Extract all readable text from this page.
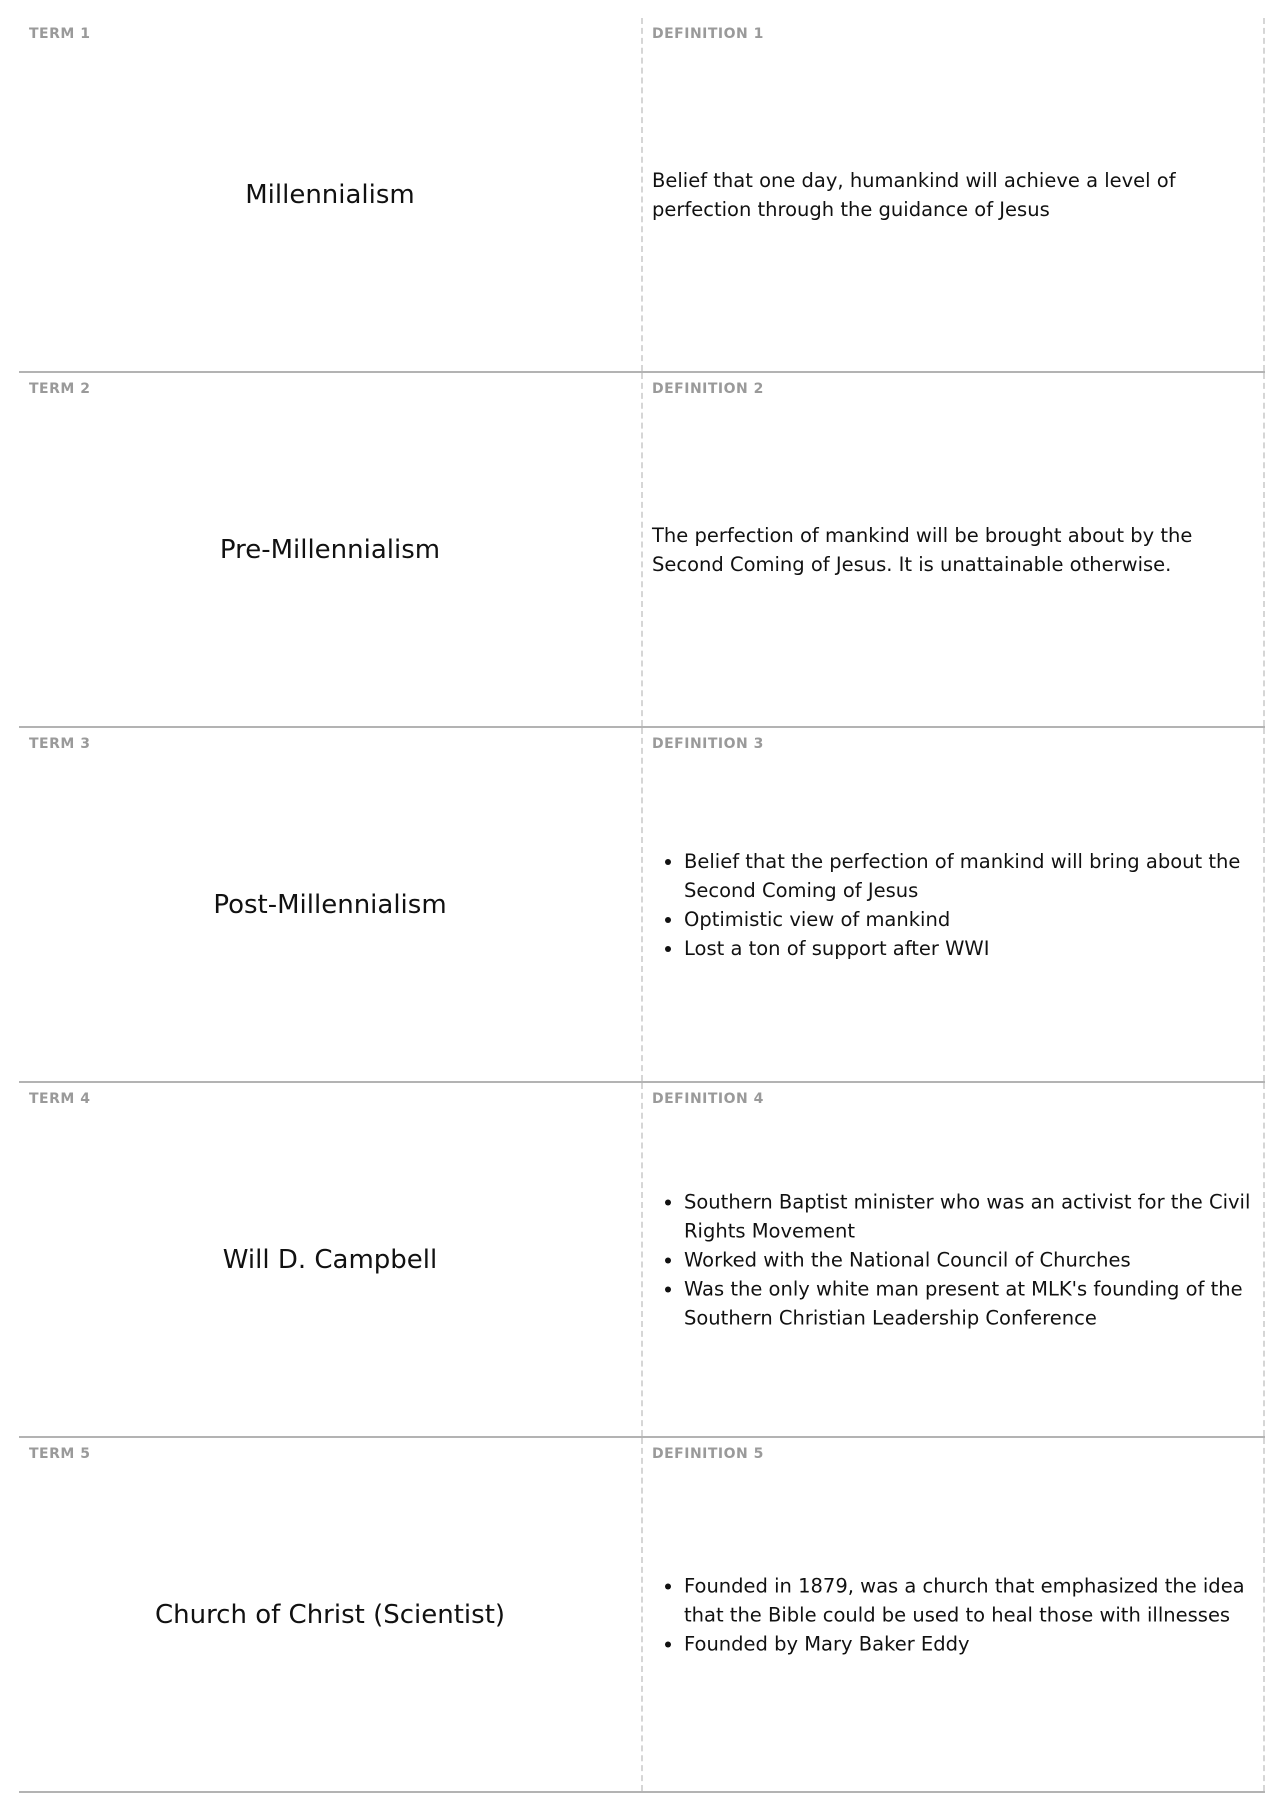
TERM 1
Millennialism
DEFINITION 1

Belief that one day, humankind will achieve a level of perfection through the guidance of Jesus

TERM 2
Pre-Millennialism
DEFINITION 2

The perfection of mankind will be brought about by the Second Coming of Jesus. It is unattainable otherwise.

TERM 3
Post-Millennialism
DEFINITION 3
• Belief that the perfection of mankind will bring about the Second Coming of Jesus
• Optimistic view of mankind
• Lost a ton of support after WWI
TERM 4
Will D. Campbell
DEFINITION 4
• Southern Baptist minister who was an activist for the Civil Rights Movement
• Worked with the National Council of Churches
• Was the only white man present at MLK's founding of the Southern Christian Leadership Conference
TERM 5
Church of Christ (Scientist)
DEFINITION 5
• Founded in 1879, was a church that emphasized the idea that the Bible could be used to heal those with illnesses
• Founded by Mary Baker Eddy
